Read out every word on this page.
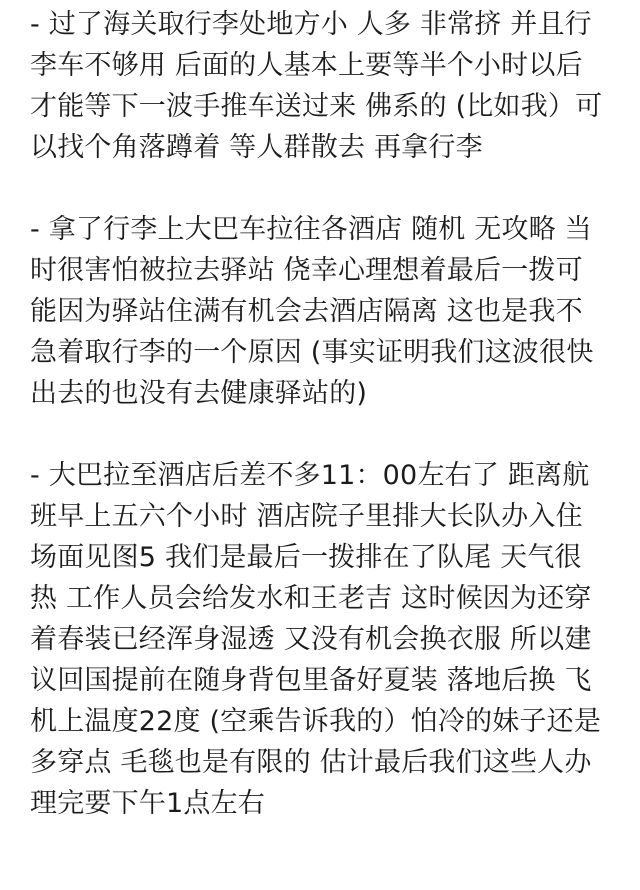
- 过了海关取行李处地方小 人多 非常挤 并且行
李车不够用 后面的人基本上要等半个小时以后
才能等下一波手推车送过来 佛系的 (比如我）可
以找个角落蹲着 等人群散去 再拿行李

- 拿了行李上大巴车拉往各酒店 随机 无攻略 当
时很害怕被拉去驿站 侥幸心理想着最后一拨可
能因为驿站住满有机会去酒店隔离 这也是我不
急着取行李的一个原因 (事实证明我们这波很快
出去的也没有去健康驿站的)

- 大巴拉至酒店后差不多11：00左右了 距离航
班早上五六个小时 酒店院子里排大长队办入住
场面见图5 我们是最后一拨排在了队尾 天气很
热 工作人员会给发水和王老吉 这时候因为还穿
着春装已经浑身湿透 又没有机会换衣服 所以建
议回国提前在随身背包里备好夏装 落地后换 飞
机上温度22度 (空乘告诉我的）怕冷的妹子还是
多穿点 毛毯也是有限的 估计最后我们这些人办
理完要下午1点左右
